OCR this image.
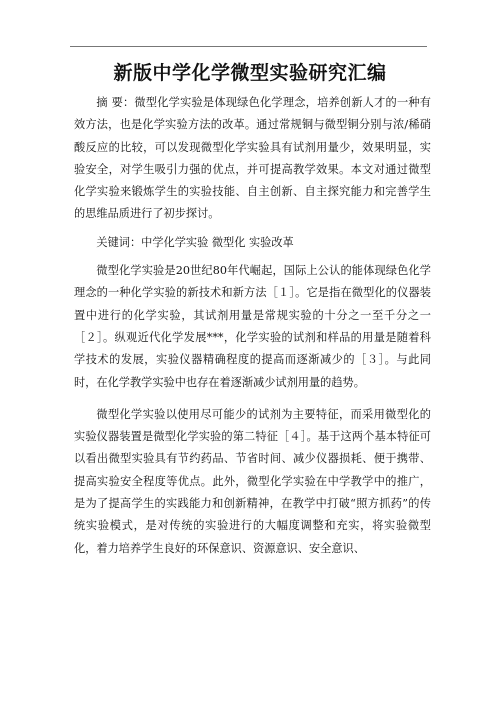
新版中学化学微型实验研究汇编

摘 要：微型化学实验是体现绿色化学理念，培养创新人才的一种有效方法，也是化学实验方法的改革。通过常规铜与微型铜分别与浓/稀硝酸反应的比较，可以发现微型化学实验具有试剂用量少，效果明显，实验安全，对学生吸引力强的优点，并可提高教学效果。本文对通过微型化学实验来锻炼学生的实验技能、自主创新、自主探究能力和完善学生的思维品质进行了初步探讨。

关键词：中学化学实验 微型化 实验改革

微型化学实验是20世纪80年代崛起，国际上公认的能体现绿色化学理念的一种化学实验的新技术和新方法［１］。它是指在微型化的仪器装置中进行的化学实验，其试剂用量是常规实验的十分之一至千分之一［２］。纵观近代化学发展***，化学实验的试剂和样品的用量是随着科学技术的发展，实验仪器精确程度的提高而逐渐减少的［３］。与此同时，在化学教学实验中也存在着逐渐减少试剂用量的趋势。

微型化学实验以使用尽可能少的试剂为主要特征，而采用微型化的实验仪器装置是微型化学实验的第二特征［４］。基于这两个基本特征可以看出微型实验具有节约药品、节省时间、减少仪器损耗、便于携带、提高实验安全程度等优点。此外，微型化学实验在中学教学中的推广，是为了提高学生的实践能力和创新精神，在教学中打破“照方抓药”的传统实验模式，是对传统的实验进行的大幅度调整和充实，将实验微型化，着力培养学生良好的环保意识、资源意识、安全意识、
